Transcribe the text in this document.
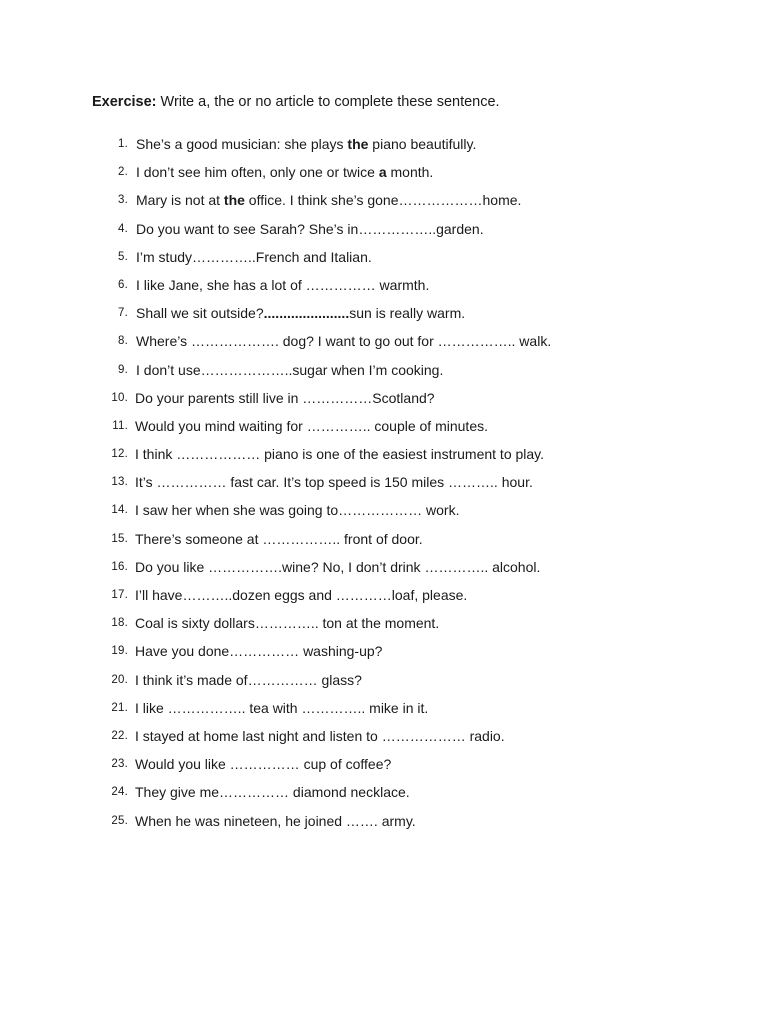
Exercise: Write a, the or no article to complete these sentence.
1. She’s a good musician: she plays the piano beautifully.
2. I don’t see him often, only one or twice a month.
3. Mary is not at the office. I think she’s gone………………home.
4. Do you want to see Sarah? She’s in……………..garden.
5. I’m study…………..French and Italian.
6. I like Jane, she has a lot of …………… warmth.
7. Shall we sit outside?......................sun is really warm.
8. Where’s ………………. dog? I want to go out for …………….. walk.
9. I don’t use………………..sugar when I’m cooking.
10. Do your parents still live in ……………Scotland?
11. Would you mind waiting for ………….. couple of minutes.
12. I think ……………… piano is one of the easiest instrument to play.
13. It’s …………… fast car. It’s top speed is 150 miles ……….. hour.
14. I saw her when she was going to……………… work.
15. There’s someone at …………….. front of door.
16. Do you like …………….wine? No, I don’t drink ………….. alcohol.
17. I’ll have………..dozen eggs and …………loaf, please.
18. Coal is sixty dollars………….. ton at the moment.
19. Have you done…………… washing-up?
20. I think it’s made of…………… glass?
21. I like …………….. tea with ………….. mike in it.
22. I stayed at home last night and listen to ……………… radio.
23. Would you like …………… cup of coffee?
24. They give me…………… diamond necklace.
25. When he was nineteen, he joined ……. army.
